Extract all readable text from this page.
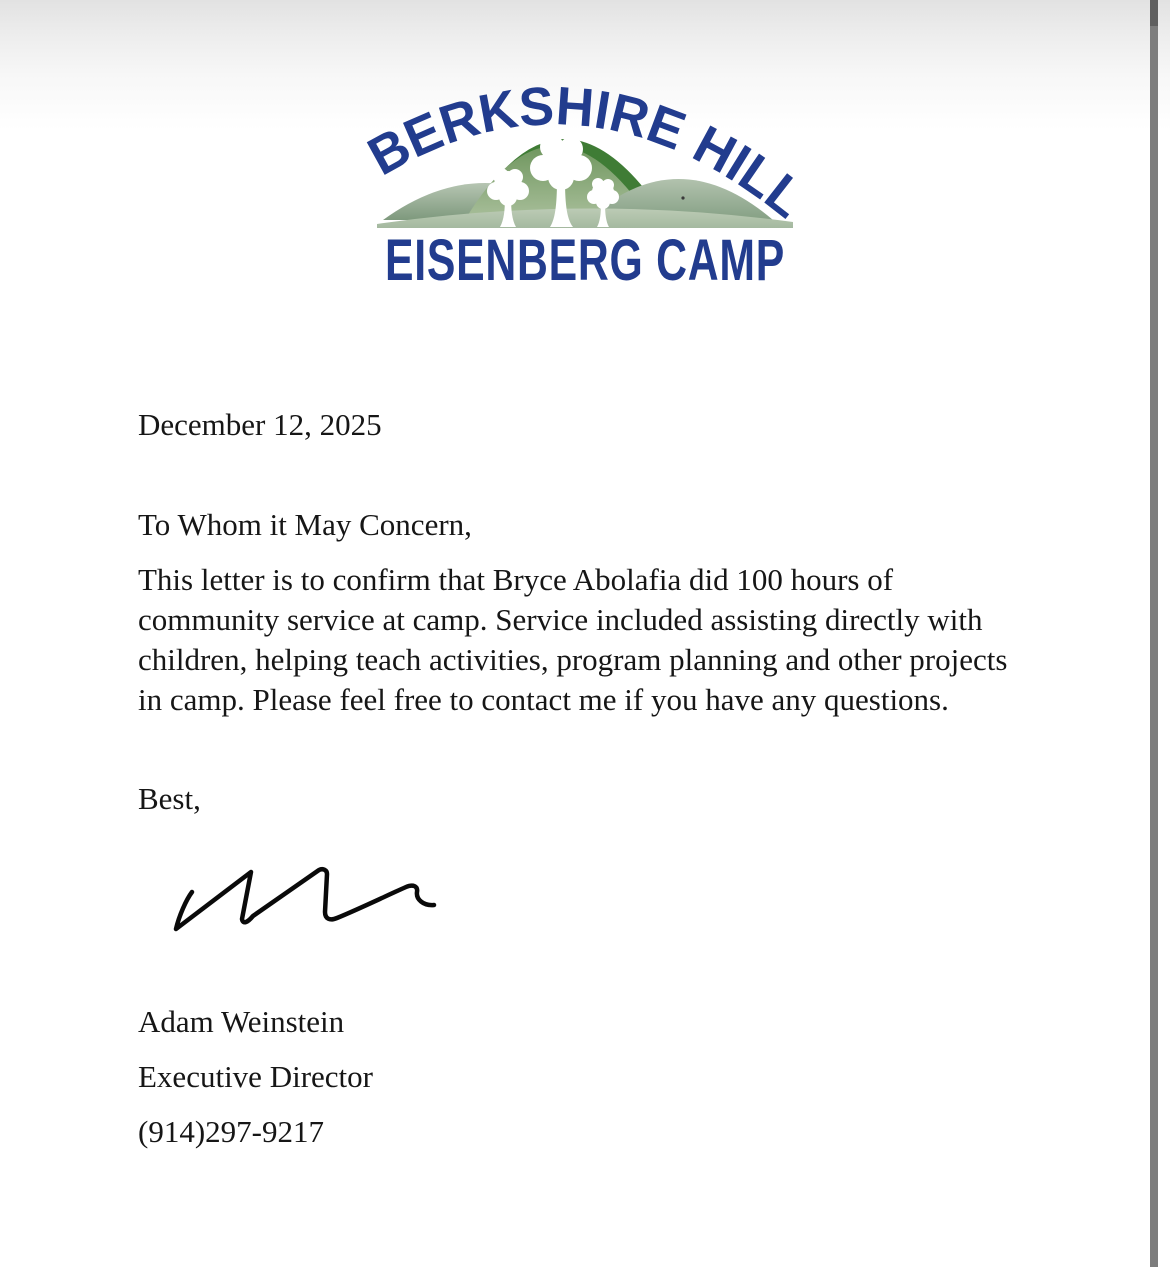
BERKSHIRE HILLS
EISENBERG CAMP
December 12, 2025
To Whom it May Concern,
This letter is to confirm that Bryce Abolafia did 100 hours of community service at camp. Service included assisting directly with children, helping teach activities, program planning and other projects in camp. Please feel free to contact me if you have any questions.
Best,
Adam Weinstein
Executive Director
(914)297-9217
